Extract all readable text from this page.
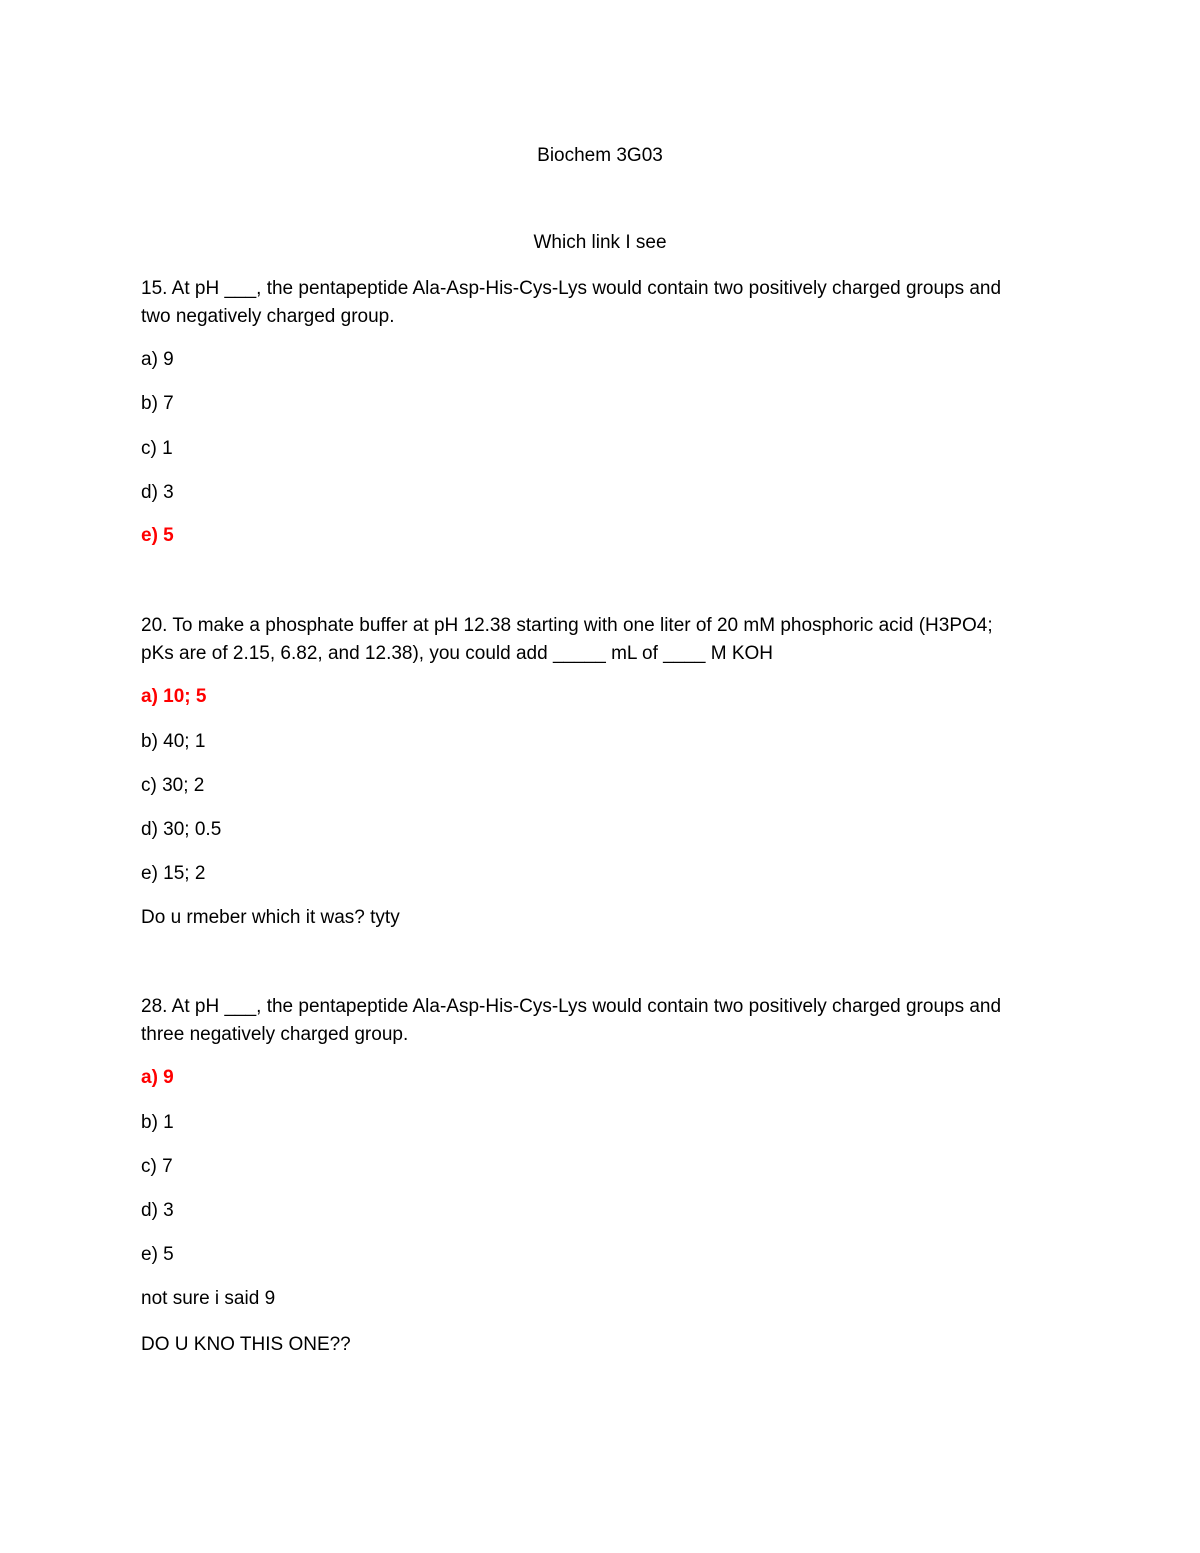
Biochem 3G03

Which link I see

15. At pH ___, the pentapeptide Ala-Asp-His-Cys-Lys would contain two positively charged groups and

two negatively charged group.

a) 9

b) 7

c) 1

d) 3

e) 5

20. To make a phosphate buffer at pH 12.38 starting with one liter of 20 mM phosphoric acid (H3PO4;

pKs are of 2.15, 6.82, and 12.38), you could add _____ mL of ____ M KOH

a) 10; 5

b) 40; 1

c) 30; 2

d) 30; 0.5

e) 15; 2

Do u rmeber which it was? tyty

28. At pH ___, the pentapeptide Ala-Asp-His-Cys-Lys would contain two positively charged groups and

three negatively charged group.

a) 9

b) 1

c) 7

d) 3

e) 5

not sure i said 9

DO U KNO THIS ONE??
